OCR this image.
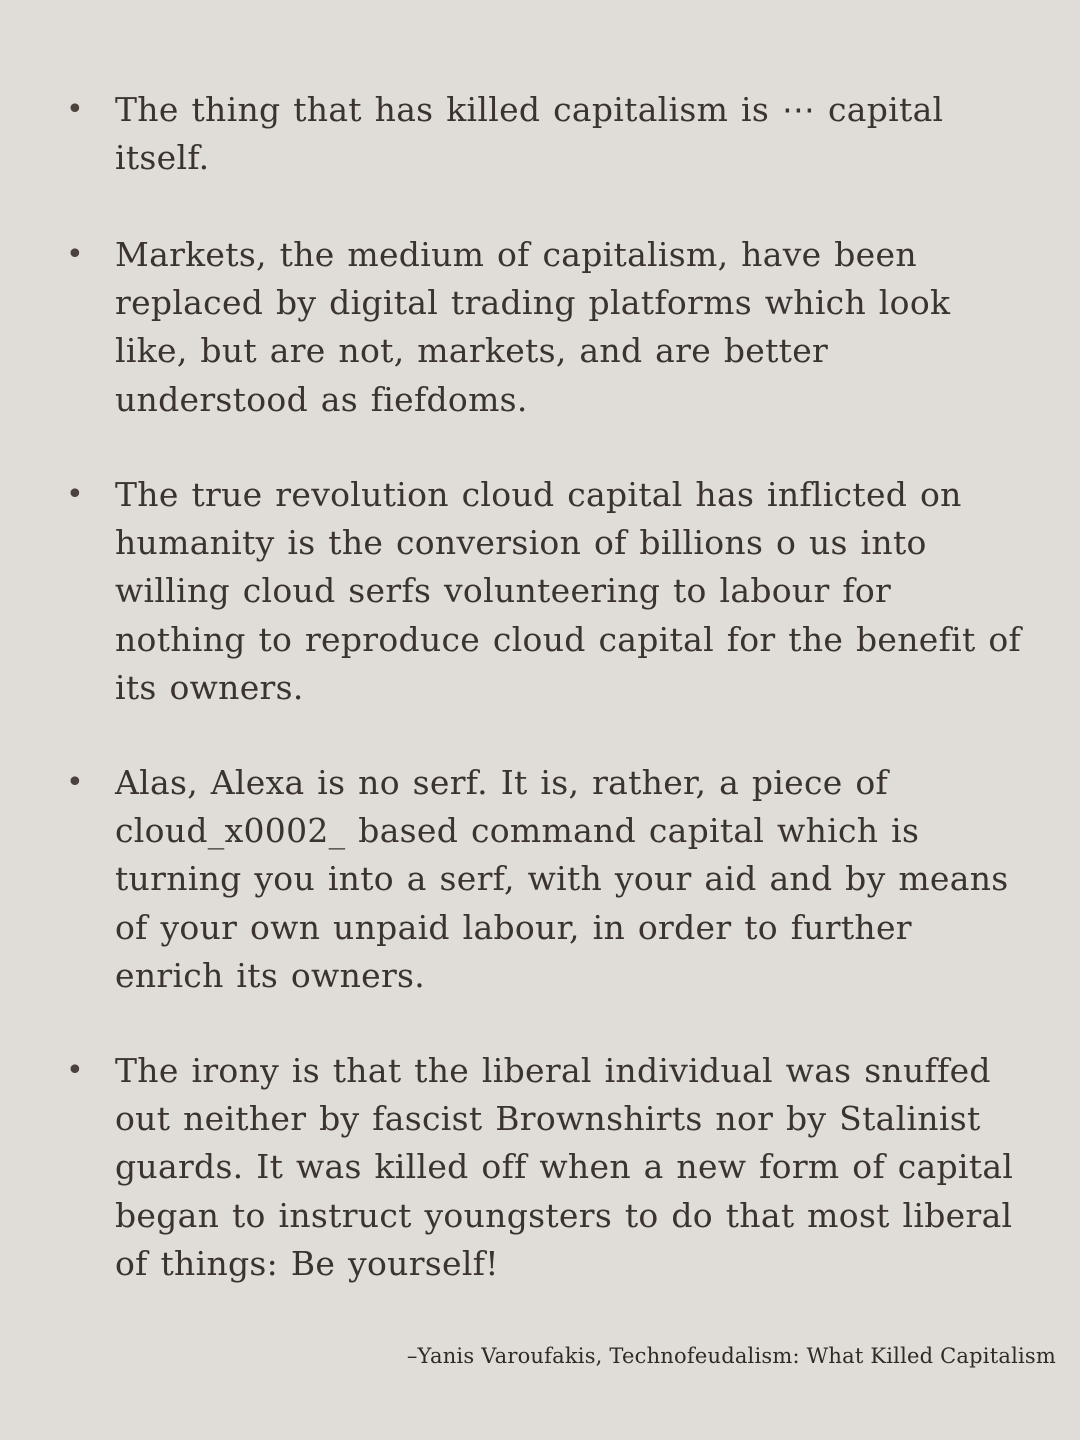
• The thing that has killed capitalism is ⋯ capital itself.
• Markets, the medium of capitalism, have been replaced by digital trading platforms which look like, but are not, markets, and are better understood as fiefdoms.
• The true revolution cloud capital has inflicted on humanity is the conversion of billions o us into willing cloud serfs volunteering to labour for nothing to reproduce cloud capital for the benefit of its owners.
• Alas, Alexa is no serf. It is, rather, a piece of cloud_x0002_ based command capital which is turning you into a serf, with your aid and by means of your own unpaid labour, in order to further enrich its owners.
• The irony is that the liberal individual was snuffed out neither by fascist Brownshirts nor by Stalinist guards. It was killed off when a new form of capital began to instruct youngsters to do that most liberal of things: Be yourself!
–Yanis Varoufakis, Technofeudalism: What Killed Capitalism
